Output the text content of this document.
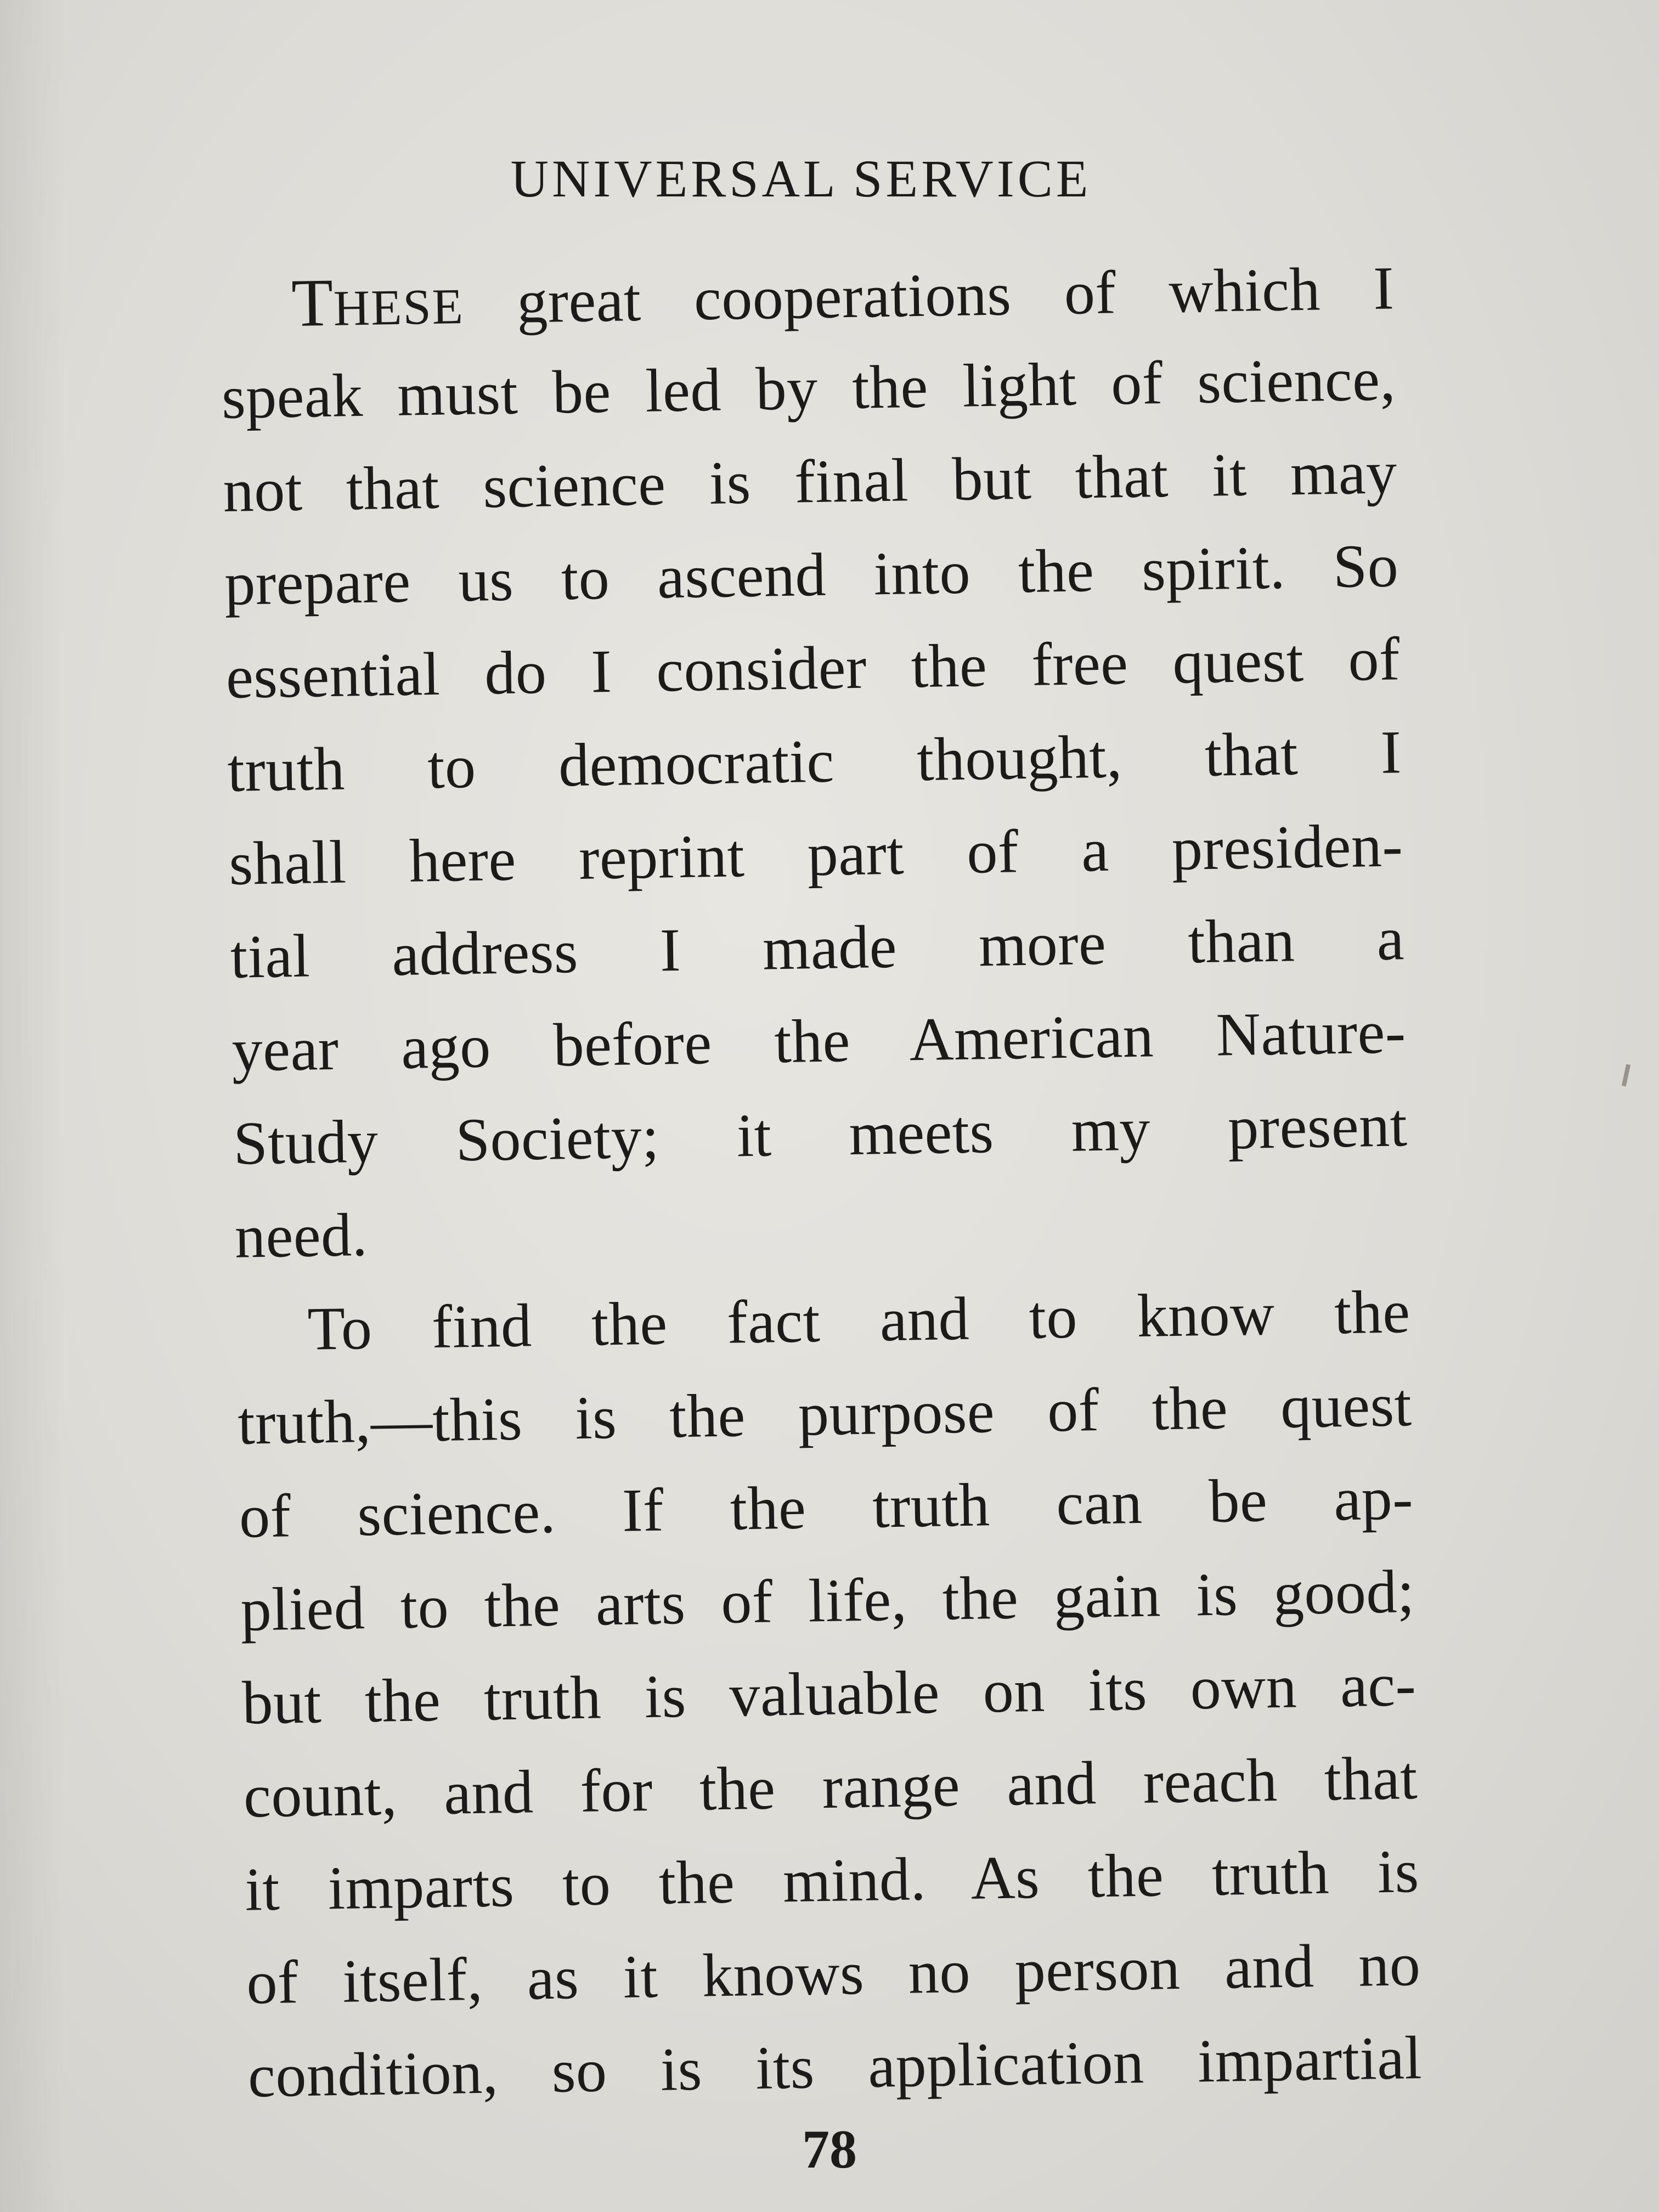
UNIVERSAL SERVICE
THESE great cooperations of which I
speak must be led by the light of science,
not that science is final but that it may
prepare us to ascend into the spirit. So
essential do I consider the free quest of
truth to democratic thought, that I
shall here reprint part of a presiden-
tial address I made more than a
year ago before the American Nature-
Study Society; it meets my present
need.
To find the fact and to know the
truth,—this is the purpose of the quest
of science. If the truth can be ap-
plied to the arts of life, the gain is good;
but the truth is valuable on its own ac-
count, and for the range and reach that
it imparts to the mind. As the truth is
of itself, as it knows no person and no
condition, so is its application impartial
78
